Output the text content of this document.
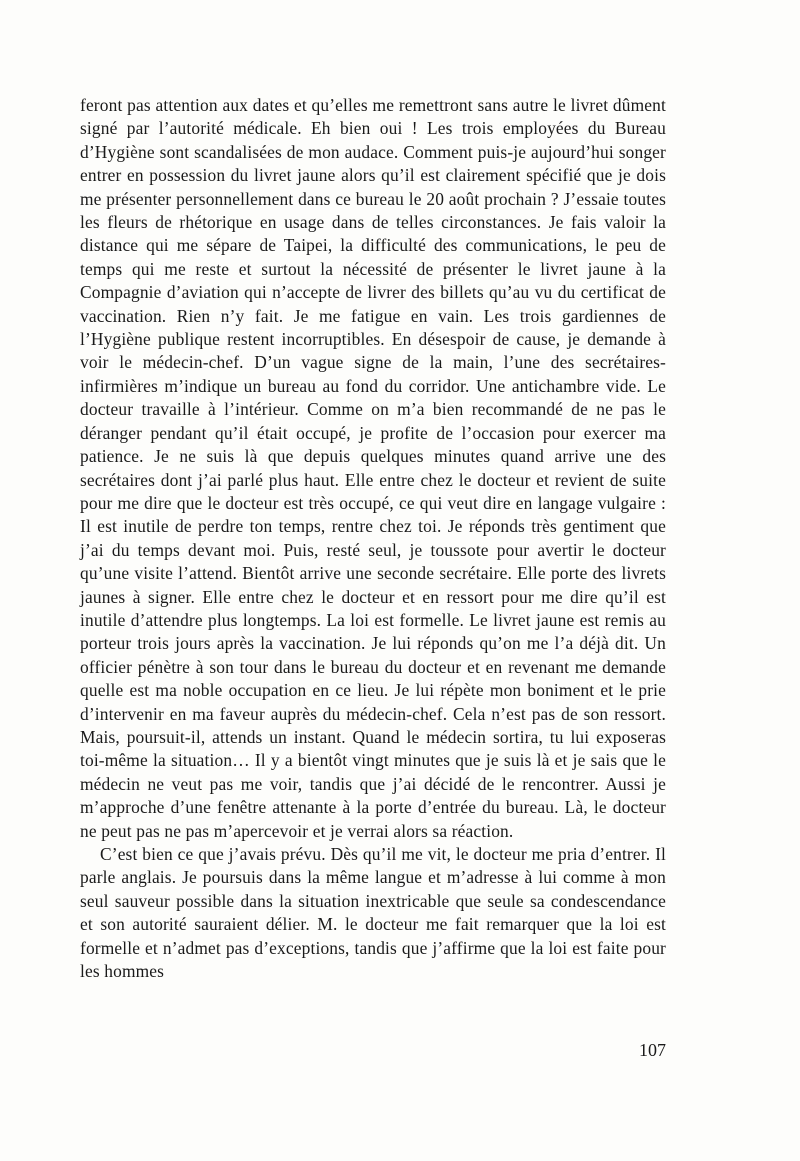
feront pas attention aux dates et qu’elles me remettront sans autre le livret dûment signé par l’autorité médicale. Eh bien oui ! Les trois employées du Bureau d’Hygiène sont scandalisées de mon audace. Comment puis-je aujourd’hui songer entrer en possession du livret jaune alors qu’il est clairement spécifié que je dois me présenter personnellement dans ce bureau le 20 août prochain ? J’essaie toutes les fleurs de rhétorique en usage dans de telles circonstances. Je fais valoir la distance qui me sépare de Taipei, la difficulté des communications, le peu de temps qui me reste et surtout la nécessité de présenter le livret jaune à la Compagnie d’aviation qui n’accepte de livrer des billets qu’au vu du certificat de vaccination. Rien n’y fait. Je me fatigue en vain. Les trois gardiennes de l’Hygiène publique restent incorruptibles. En désespoir de cause, je demande à voir le médecin-chef. D’un vague signe de la main, l’une des secrétaires-infirmières m’indique un bureau au fond du corridor. Une antichambre vide. Le docteur travaille à l’intérieur. Comme on m’a bien recommandé de ne pas le déranger pendant qu’il était occupé, je profite de l’occasion pour exercer ma patience. Je ne suis là que depuis quelques minutes quand arrive une des secrétaires dont j’ai parlé plus haut. Elle entre chez le docteur et revient de suite pour me dire que le docteur est très occupé, ce qui veut dire en langage vulgaire : Il est inutile de perdre ton temps, rentre chez toi. Je réponds très gentiment que j’ai du temps devant moi. Puis, resté seul, je toussote pour avertir le docteur qu’une visite l’attend. Bientôt arrive une seconde secrétaire. Elle porte des livrets jaunes à signer. Elle entre chez le docteur et en ressort pour me dire qu’il est inutile d’attendre plus longtemps. La loi est formelle. Le livret jaune est remis au porteur trois jours après la vaccination. Je lui réponds qu’on me l’a déjà dit. Un officier pénètre à son tour dans le bureau du docteur et en revenant me demande quelle est ma noble occupation en ce lieu. Je lui répète mon boniment et le prie d’intervenir en ma faveur auprès du médecin-chef. Cela n’est pas de son ressort. Mais, poursuit-il, attends un instant. Quand le médecin sortira, tu lui exposeras toi-même la situation… Il y a bientôt vingt minutes que je suis là et je sais que le médecin ne veut pas me voir, tandis que j’ai décidé de le rencontrer. Aussi je m’approche d’une fenêtre attenante à la porte d’entrée du bureau. Là, le docteur ne peut pas ne pas m’apercevoir et je verrai alors sa réaction.

C’est bien ce que j’avais prévu. Dès qu’il me vit, le docteur me pria d’entrer. Il parle anglais. Je poursuis dans la même langue et m’adresse à lui comme à mon seul sauveur possible dans la situation inextricable que seule sa condescendance et son autorité sauraient délier. M. le docteur me fait remarquer que la loi est formelle et n’admet pas d’exceptions, tandis que j’affirme que la loi est faite pour les hommes

107
